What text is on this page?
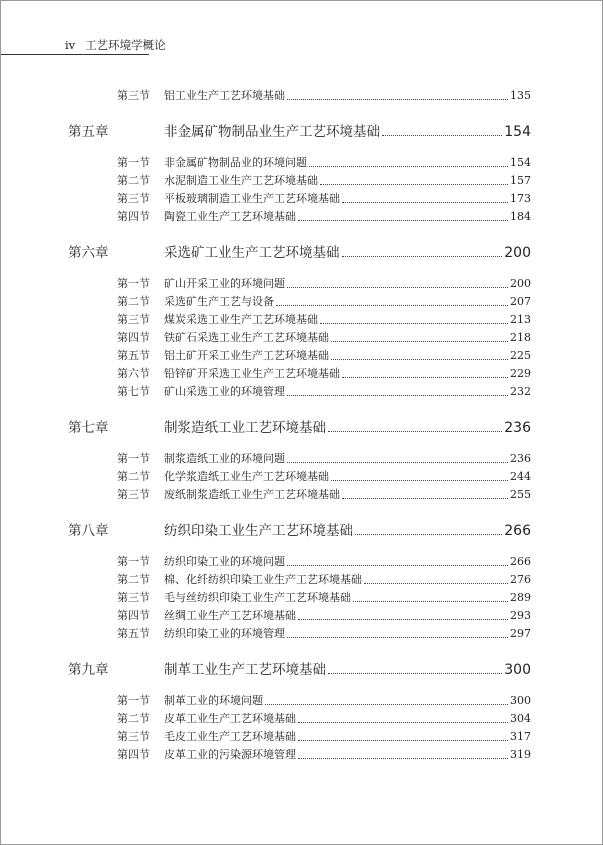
iv 工艺环境学概论
第三节	铝工业生产工艺环境基础	135
第五章	非金属矿物制品业生产工艺环境基础	154
第一节	非金属矿物制品业的环境问题	154
第二节	水泥制造工业生产工艺环境基础	157
第三节	平板玻璃制造工业生产工艺环境基础	173
第四节	陶瓷工业生产工艺环境基础	184
第六章	采选矿工业生产工艺环境基础	200
第一节	矿山开采工业的环境问题	200
第二节	采选矿生产工艺与设备	207
第三节	煤炭采选工业生产工艺环境基础	213
第四节	铁矿石采选工业生产工艺环境基础	218
第五节	铝土矿开采工业生产工艺环境基础	225
第六节	铅锌矿开采选工业生产工艺环境基础	229
第七节	矿山采选工业的环境管理	232
第七章	制浆造纸工业工艺环境基础	236
第一节	制浆造纸工业的环境问题	236
第二节	化学浆造纸工业生产工艺环境基础	244
第三节	废纸制浆造纸工业生产工艺环境基础	255
第八章	纺织印染工业生产工艺环境基础	266
第一节	纺织印染工业的环境问题	266
第二节	棉、化纤纺织印染工业生产工艺环境基础	276
第三节	毛与丝纺织印染工业生产工艺环境基础	289
第四节	丝绸工业生产工艺环境基础	293
第五节	纺织印染工业的环境管理	297
第九章	制革工业生产工艺环境基础	300
第一节	制革工业的环境问题	300
第二节	皮革工业生产工艺环境基础	304
第三节	毛皮工业生产工艺环境基础	317
第四节	皮革工业的污染源环境管理	319
